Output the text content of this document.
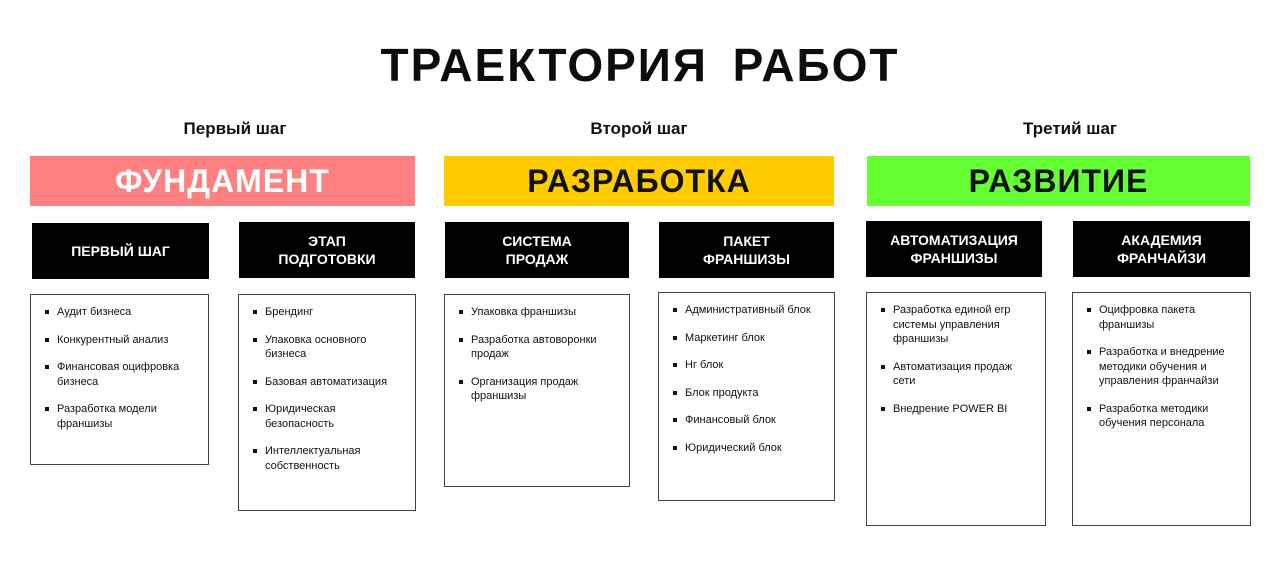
ТРАЕКТОРИЯ РАБОТ
Первый шаг
ФУНДАМЕНТ
ПЕРВЫЙ ШАГ
Аудит бизнеса
Конкурентный анализ
Финансовая оцифровка бизнеса
Разработка модели франшизы
ЭТАП
ПОДГОТОВКИ
Брендинг
Упаковка основного бизнеса
Базовая автоматизация
Юридическая безопасность
Интеллектуальная собственность
Второй шаг
РАЗРАБОТКА
СИСТЕМА
ПРОДАЖ
Упаковка франшизы
Разработка автоворонки продаж
Организация продаж франшизы
ПАКЕТ
ФРАНШИЗЫ
Административный блок
Маркетинг блок
Нг блок
Блок продукта
Финансовый блок
Юридический блок
Третий шаг
РАЗВИТИЕ
АВТОМАТИЗАЦИЯ
ФРАНШИЗЫ
Разработка единой erp системы управления франшизы
Автоматизация продаж сети
Внедрение POWER BI
АКАДЕМИЯ
ФРАНЧАЙЗИ
Оцифровка пакета франшизы
Разработка и внедрение методики обучения и управления франчайзи
Разработка методики обучения персонала
